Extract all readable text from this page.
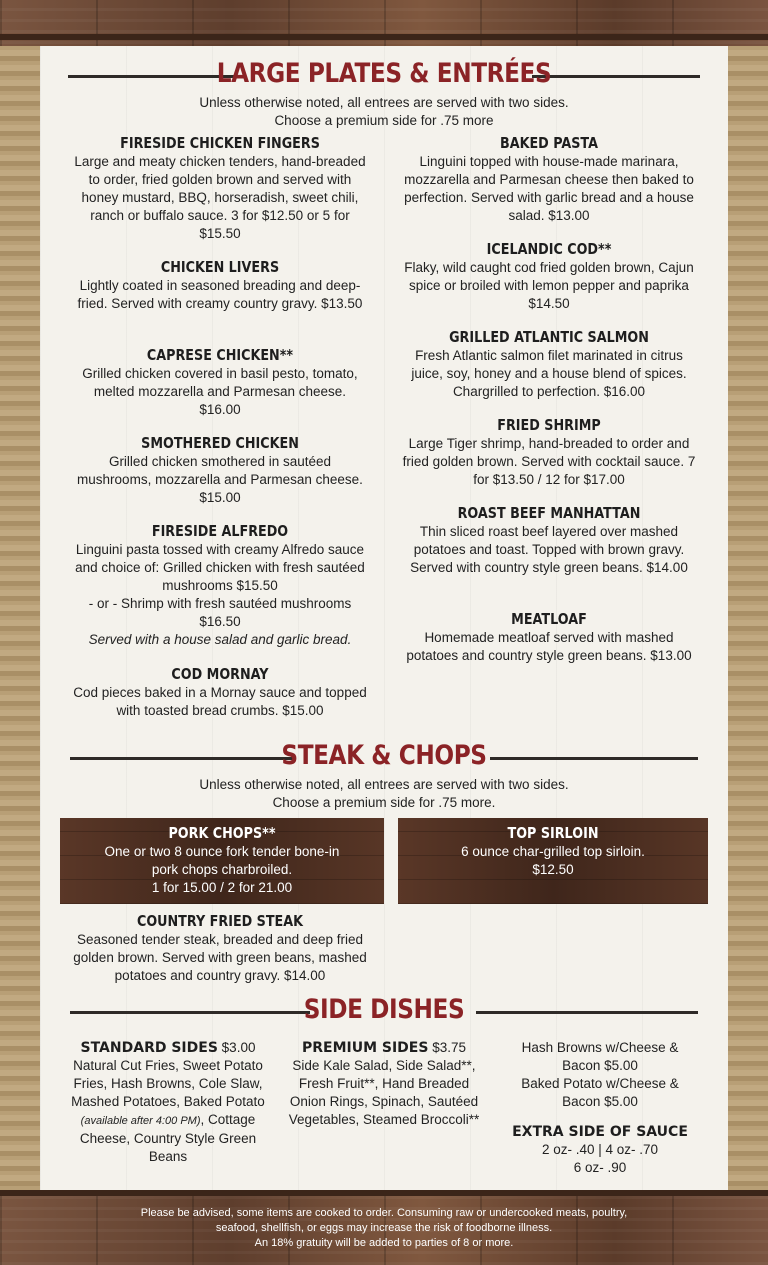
LARGE PLATES & ENTRÉES
Unless otherwise noted, all entrees are served with two sides.
Choose a premium side for .75 more
FIRESIDE CHICKEN FINGERS

Large and meaty chicken tenders, hand-breaded to order, fried golden brown and served with honey mustard, BBQ, horseradish, sweet chili, ranch or buffalo sauce. 3 for $12.50 or 5 for $15.50

CHICKEN LIVERS

Lightly coated in seasoned breading and deep-fried. Served with creamy country gravy. $13.50

CAPRESE CHICKEN**

Grilled chicken covered in basil pesto, tomato, melted mozzarella and Parmesan cheese. $16.00

SMOTHERED CHICKEN

Grilled chicken smothered in sautéed mushrooms, mozzarella and Parmesan cheese. $15.00

FIRESIDE ALFREDO

Linguini pasta tossed with creamy Alfredo sauce and choice of: Grilled chicken with fresh sautéed mushrooms $15.50

- or - Shrimp with fresh sautéed mushrooms $16.50

Served with a house salad and garlic bread.

COD MORNAY

Cod pieces baked in a Mornay sauce and topped with toasted bread crumbs. $15.00

BAKED PASTA

Linguini topped with house-made marinara, mozzarella and Parmesan cheese then baked to perfection. Served with garlic bread and a house salad. $13.00

ICELANDIC COD**

Flaky, wild caught cod fried golden brown, Cajun spice or broiled with lemon pepper and paprika $14.50

GRILLED ATLANTIC SALMON

Fresh Atlantic salmon filet marinated in citrus juice, soy, honey and a house blend of spices. Chargrilled to perfection. $16.00

FRIED SHRIMP

Large Tiger shrimp, hand-breaded to order and fried golden brown. Served with cocktail sauce. 7 for $13.50 / 12 for $17.00

ROAST BEEF MANHATTAN

Thin sliced roast beef layered over mashed potatoes and toast. Topped with brown gravy. Served with country style green beans. $14.00

MEATLOAF

Homemade meatloaf served with mashed potatoes and country style green beans. $13.00

STEAK & CHOPS
Unless otherwise noted, all entrees are served with two sides.
Choose a premium side for .75 more.
PORK CHOPS**

One or two 8 ounce fork tender bone-in pork chops charbroiled.

1 for 15.00 / 2 for 21.00

TOP SIRLOIN

6 ounce char-grilled top sirloin.

$12.50

COUNTRY FRIED STEAK

Seasoned tender steak, breaded and deep fried golden brown. Served with green beans, mashed potatoes and country gravy. $14.00

SIDE DISHES
STANDARD SIDES $3.00
Natural Cut Fries, Sweet Potato Fries, Hash Browns, Cole Slaw, Mashed Potatoes, Baked Potato (available after 4:00 PM), Cottage Cheese, Country Style Green Beans
PREMIUM SIDES $3.75
Side Kale Salad, Side Salad**, Fresh Fruit**, Hand Breaded Onion Rings, Spinach, Sautéed Vegetables, Steamed Broccoli**
Hash Browns w/Cheese & Bacon $5.00
Baked Potato w/Cheese & Bacon $5.00
EXTRA SIDE OF SAUCE
2 oz- .40 | 4 oz- .70
6 oz- .90
Please be advised, some items are cooked to order. Consuming raw or undercooked meats, poultry,
seafood, shellfish, or eggs may increase the risk of foodborne illness.
An 18% gratuity will be added to parties of 8 or more.
